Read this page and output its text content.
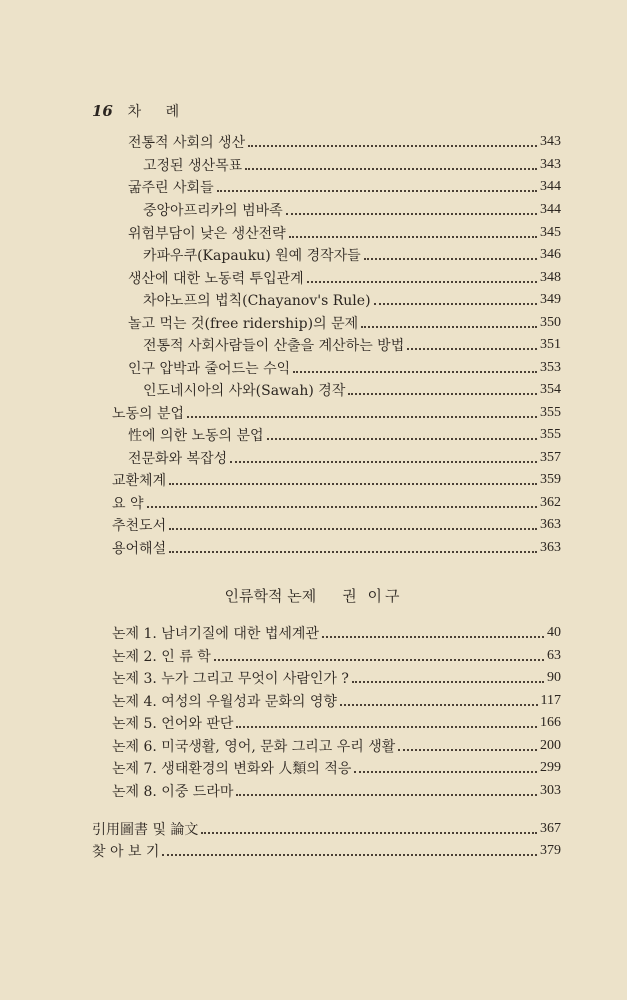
16 차 례
전통적 사회의 생산	343
고정된 생산목표	343
굶주린 사회들	344
중앙아프리카의 범바족	344
위험부담이 낮은 생산전략	345
카파우쿠(Kapauku) 원예 경작자들	346
생산에 대한 노동력 투입관계	348
차야노프의 법칙(Chayanov's Rule)	349
놀고 먹는 것(free ridership)의 문제	350
전통적 사회사람들이 산출을 계산하는 방법	351
인구 압박과 줄어드는 수익	353
인도네시아의 사와(Sawah) 경작	354
노동의 분업	355
性에 의한 노동의 분업	355
전문화와 복잡성	357
교환체계	359
요 약	362
추천도서	363
용어해설	363
인류학적 논제 권 이구
논제 1. 남녀기질에 대한 법세계관	40
논제 2. 인 류 학	63
논제 3. 누가 그리고 무엇이 사람인가 ?	90
논제 4. 여성의 우월성과 문화의 영향	117
논제 5. 언어와 판단	166
논제 6. 미국생활, 영어, 문화 그리고 우리 생활	200
논제 7. 생태환경의 변화와 人類의 적응	299
논제 8. 이중 드라마	303
引用圖書 및 論文	367
찾 아 보 기	379
